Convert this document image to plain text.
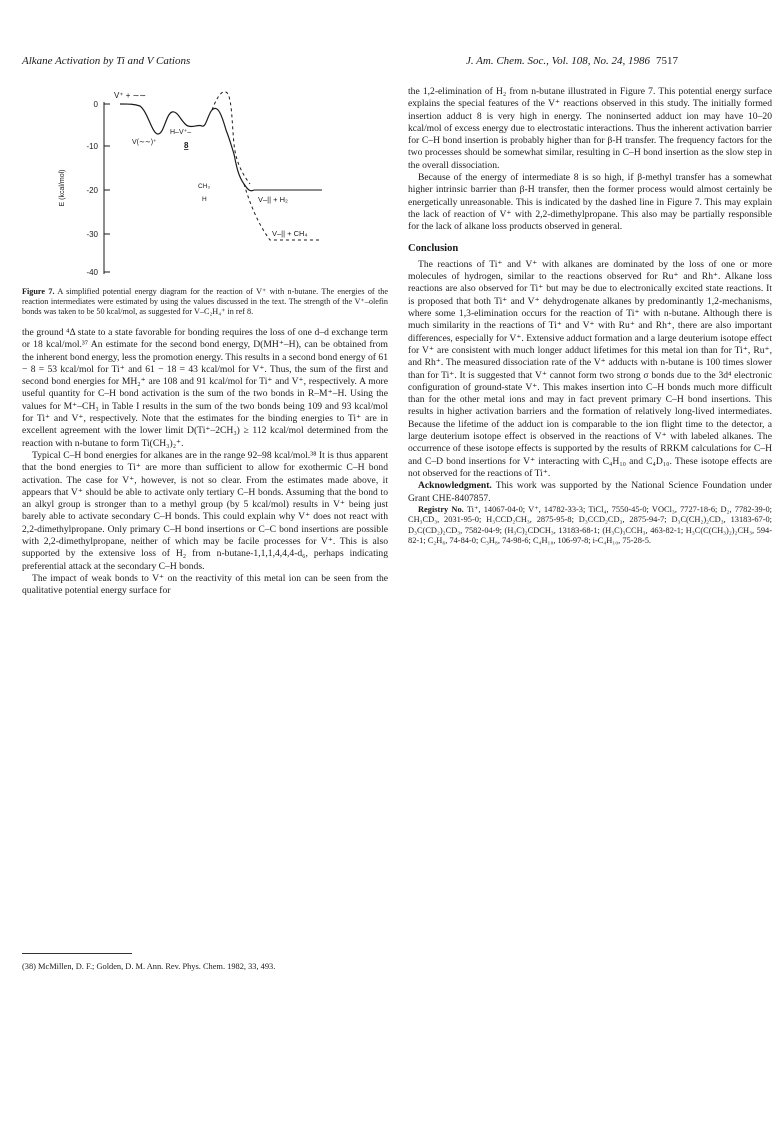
Alkane Activation by Ti and V Cations	J. Am. Chem. Soc., Vol. 108, No. 24, 1986 7517
0
-10
-20
-30
-40
E (kcal/mol)
V⁺ + ∼∼
V(∼∼)⁺
H–V⁺–
8
CH₃
H	V–|| + H₂
V–|| + CH₄
Figure 7. A simplified potential energy diagram for the reaction of V⁺ with n-butane. The energies of the reaction intermediates were estimated by using the values discussed in the text. The strength of the V⁺–olefin bonds was taken to be 50 kcal/mol, as suggested for V–C₂H₄⁺ in ref 8.

the ground ⁴Δ state to a state favorable for bonding requires the loss of one d–d exchange term or 18 kcal/mol.³⁷ An estimate for the second bond energy, D(MH⁺–H), can be obtained from the inherent bond energy, less the promotion energy. This results in a second bond energy of 61 − 8 = 53 kcal/mol for Ti⁺ and 61 − 18 = 43 kcal/mol for V⁺. Thus, the sum of the first and second bond energies for MH₂⁺ are 108 and 91 kcal/mol for Ti⁺ and V⁺, respectively. A more useful quantity for C–H bond activation is the sum of the two bonds in R–M⁺–H. Using the values for M⁺–CH₃ in Table I results in the sum of the two bonds being 109 and 93 kcal/mol for Ti⁺ and V⁺, respectively. Note that the estimates for the binding energies to Ti⁺ are in excellent agreement with the lower limit D(Ti⁺–2CH₃) ≥ 112 kcal/mol determined from the reaction with n-butane to form Ti(CH₃)₂⁺.

Typical C–H bond energies for alkanes are in the range 92–98 kcal/mol.³⁸ It is thus apparent that the bond energies to Ti⁺ are more than sufficient to allow for exothermic C–H bond activation. The case for V⁺, however, is not so clear. From the estimates made above, it appears that V⁺ should be able to activate only tertiary C–H bonds. Assuming that the bond to an alkyl group is stronger than to a methyl group (by 5 kcal/mol) results in V⁺ being just barely able to activate secondary C–H bonds. This could explain why V⁺ does not react with 2,2-dimethylpropane. Only primary C–H bond insertions or C–C bond insertions are possible with 2,2-dimethylpropane, neither of which may be facile processes for V⁺. This is also supported by the extensive loss of H₂ from n-butane-1,1,1,4,4,4-d₆, perhaps indicating preferential attack at the secondary C–H bonds.

The impact of weak bonds to V⁺ on the reactivity of this metal ion can be seen from the qualitative potential energy surface for

(38) McMillen, D. F.; Golden, D. M. Ann. Rev. Phys. Chem. 1982, 33, 493.

the 1,2-elimination of H₂ from n-butane illustrated in Figure 7. This potential energy surface explains the special features of the V⁺ reactions observed in this study. The initially formed insertion adduct 8 is very high in energy. The noninserted adduct ion may have 10–20 kcal/mol of excess energy due to electrostatic interactions. Thus the inherent activation barrier for C–H bond insertion is probably higher than for β-H transfer. The frequency factors for the two processes should be somewhat similar, resulting in C–H bond insertion as the slow step in the overall dissociation.

Because of the energy of intermediate 8 is so high, if β-methyl transfer has a somewhat higher intrinsic barrier than β-H transfer, then the former process would almost certainly be energetically unreasonable. This is indicated by the dashed line in Figure 7. This may explain the lack of reaction of V⁺ with 2,2-dimethylpropane. This also may be partially responsible for the lack of alkane loss products observed in general.

Conclusion

The reactions of Ti⁺ and V⁺ with alkanes are dominated by the loss of one or more molecules of hydrogen, similar to the reactions observed for Ru⁺ and Rh⁺. Alkane loss reactions are also observed for Ti⁺ but may be due to electronically excited state reactions. It is proposed that both Ti⁺ and V⁺ dehydrogenate alkanes by predominantly 1,2-mechanisms, where some 1,3-elimination occurs for the reaction of Ti⁺ with n-butane. Although there is much similarity in the reactions of Ti⁺ and V⁺ with Ru⁺ and Rh⁺, there are also important differences, especially for V⁺. Extensive adduct formation and a large deuterium isotope effect for V⁺ are consistent with much longer adduct lifetimes for this metal ion than for Ti⁺, Ru⁺, and Rh⁺. The measured dissociation rate of the V⁺ adducts with n-butane is 100 times slower than for Ti⁺. It is suggested that V⁺ cannot form two strong σ bonds due to the 3d⁴ electronic configuration of ground-state V⁺. This makes insertion into C–H bonds much more difficult than for the other metal ions and may in fact prevent primary C–H bond insertions. This results in higher activation barriers and the formation of relatively long-lived intermediates. Because the lifetime of the adduct ion is comparable to the ion flight time to the detector, a large deuterium isotope effect is observed in the reactions of V⁺ with labeled alkanes. The occurrence of these isotope effects is supported by the results of RRKM calculations for C–H and C–D bond insertions for V⁺ interacting with C₄H₁₀ and C₄D₁₀. These isotope effects are not observed for the reactions of Ti⁺.

Acknowledgment. This work was supported by the National Science Foundation under Grant CHE-8407857.

Registry No. Ti⁺, 14067-04-0; V⁺, 14782-33-3; TiCl₄, 7550-45-0; VOCl₃, 7727-18-6; D₂, 7782-39-0; CH₃CD₃, 2031-95-0; H₃CCD₂CH₃, 2875-95-8; D₃CCD₂CD₃, 2875-94-7; D₃C(CH₂)₂CD₃, 13183-67-0; D₃C(CD₂)₂CD₃, 7582-04-9; (H₃C)₂CDCH₃, 13183-68-1; (H₃C)₃CCH₃, 463-82-1; H₃C(C(CH₃)₂)₂CH₃, 594-82-1; C₂H₆, 74-84-0; C₃H₈, 74-98-6; C₄H₁₀, 106-97-8; i-C₄H₁₀, 75-28-5.
